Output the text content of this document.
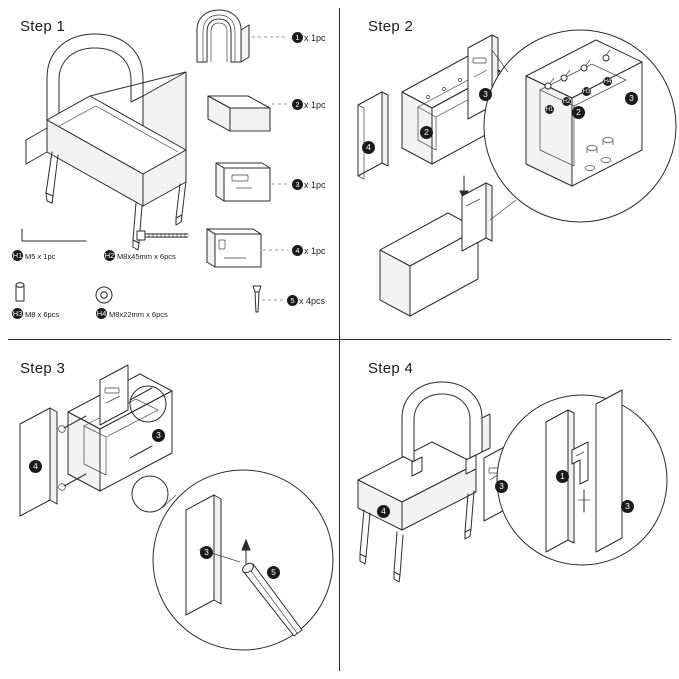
Step 1
1 x 1pc
2 x 1pc
3 x 1pc
4 x 1pc
5 x 4pcs
H1 M5 x 1pc	H2 M8x45mm x 6pcs
H3 M8 x 6pcs	H4 M8x22mm x 6pcs
Step 2
4
2
3	3
H1
H2
H3
H4
2
Step 3
4
3
3
5
Step 4
4
3
1
3
